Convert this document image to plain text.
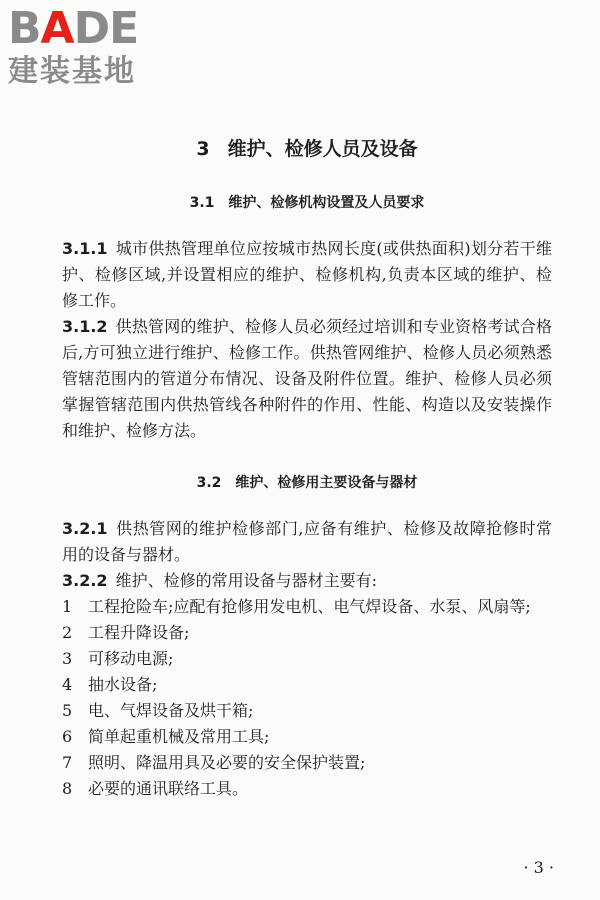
BADE
建装基地
3 维护、检修人员及设备
3.1 维护、检修机构设置及人员要求

3.1.1 城市供热管理单位应按城市热网长度(或供热面积)划分若干维护、检修区域,并设置相应的维护、检修机构,负责本区域的维护、检修工作。

3.1.2 供热管网的维护、检修人员必须经过培训和专业资格考试合格后,方可独立进行维护、检修工作。供热管网维护、检修人员必须熟悉管辖范围内的管道分布情况、设备及附件位置。维护、检修人员必须掌握管辖范围内供热管线各种附件的作用、性能、构造以及安装操作和维护、检修方法。

3.2 维护、检修用主要设备与器材

3.2.1 供热管网的维护检修部门,应备有维护、检修及故障抢修时常用的设备与器材。

3.2.2 维护、检修的常用设备与器材主要有:

1 工程抢险车;应配有抢修用发电机、电气焊设备、水泵、风扇等;

2 工程升降设备;

3 可移动电源;

4 抽水设备;

5 电、气焊设备及烘干箱;

6 简单起重机械及常用工具;

7 照明、降温用具及必要的安全保护装置;

8 必要的通讯联络工具。

· 3 ·
